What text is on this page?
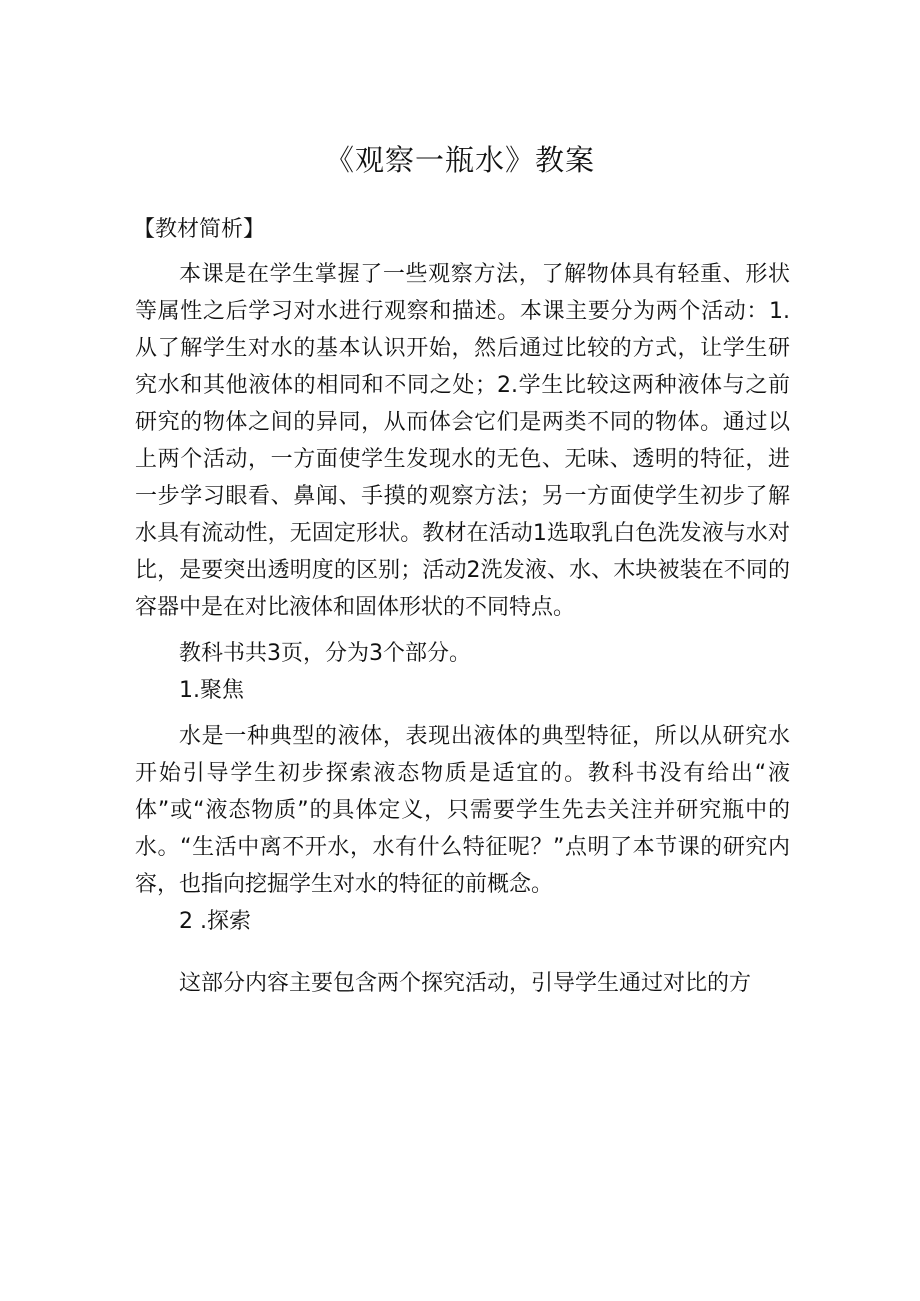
《观察一瓶水》教案
【教材简析】

本课是在学生掌握了一些观察方法，了解物体具有轻重、形状等属性之后学习对水进行观察和描述。本课主要分为两个活动：1.从了解学生对水的基本认识开始，然后通过比较的方式，让学生研究水和其他液体的相同和不同之处；2.学生比较这两种液体与之前研究的物体之间的异同，从而体会它们是两类不同的物体。通过以上两个活动，一方面使学生发现水的无色、无味、透明的特征，进一步学习眼看、鼻闻、手摸的观察方法；另一方面使学生初步了解水具有流动性，无固定形状。教材在活动1选取乳白色洗发液与水对比，是要突出透明度的区别；活动2洗发液、水、木块被装在不同的容器中是在对比液体和固体形状的不同特点。

教科书共3页，分为3个部分。

1.聚焦

水是一种典型的液体，表现出液体的典型特征，所以从研究水开始引导学生初步探索液态物质是适宜的。教科书没有给出“液体”或“液态物质”的具体定义，只需要学生先去关注并研究瓶中的水。“生活中离不开水，水有什么特征呢？”点明了本节课的研究内容，也指向挖掘学生对水的特征的前概念。

2 .探索

这部分内容主要包含两个探究活动，引导学生通过对比的方
